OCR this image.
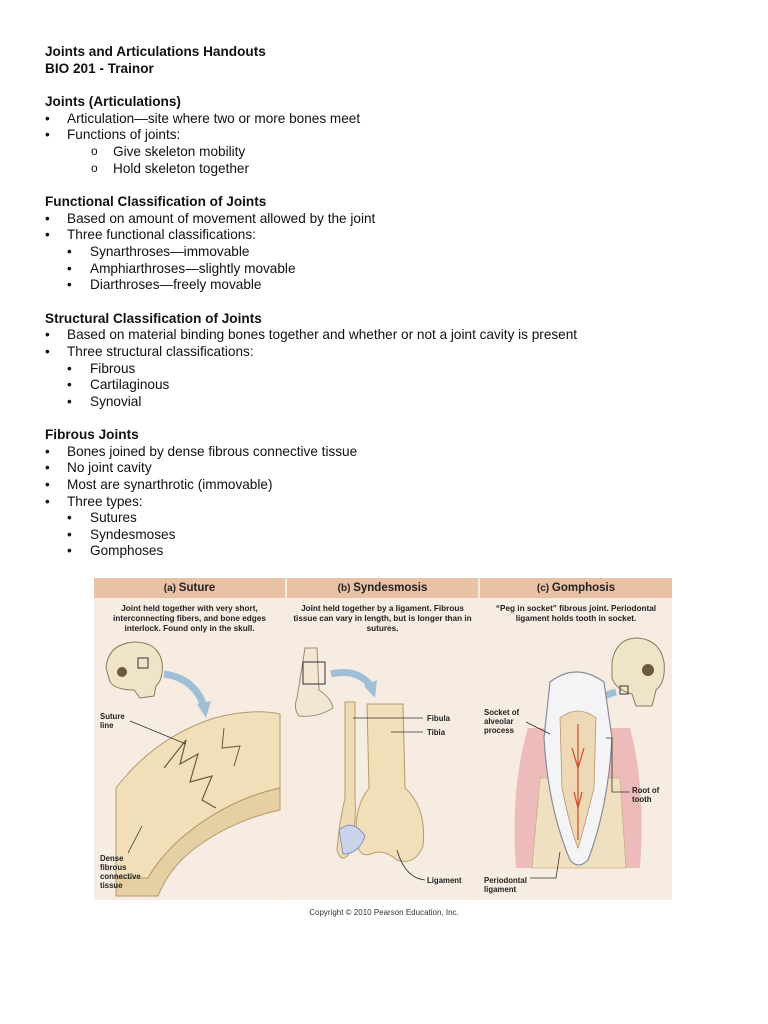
Joints and Articulations Handouts
BIO 201 - Trainor
Joints (Articulations)
• Articulation—site where two or more bones meet
• Functions of joints:
o Give skeleton mobility
o Hold skeleton together
Functional Classification of Joints
• Based on amount of movement allowed by the joint
• Three functional classifications:
• Synarthroses—immovable
• Amphiarthroses—slightly movable
• Diarthroses—freely movable
Structural Classification of Joints
• Based on material binding bones together and whether or not a joint cavity is present
• Three structural classifications:
• Fibrous
• Cartilaginous
• Synovial
Fibrous Joints
• Bones joined by dense fibrous connective tissue
• No joint cavity
• Most are synarthrotic (immovable)
• Three types:
• Sutures
• Syndesmoses
• Gomphoses
(a) Suture
Joint held together with very short, interconnecting fibers, and bone edges interlock. Found only in the skull.
Suture line
Dense fibrous connective tissue
(b) Syndesmosis
Joint held together by a ligament. Fibrous tissue can vary in length, but is longer than in sutures.
Fibula
Tibia
Ligament
(c) Gomphosis
“Peg in socket” fibrous joint. Periodontal ligament holds tooth in socket.
Socket of alveolar process
Root of tooth
Periodontal ligament
Copyright © 2010 Pearson Education, Inc.
